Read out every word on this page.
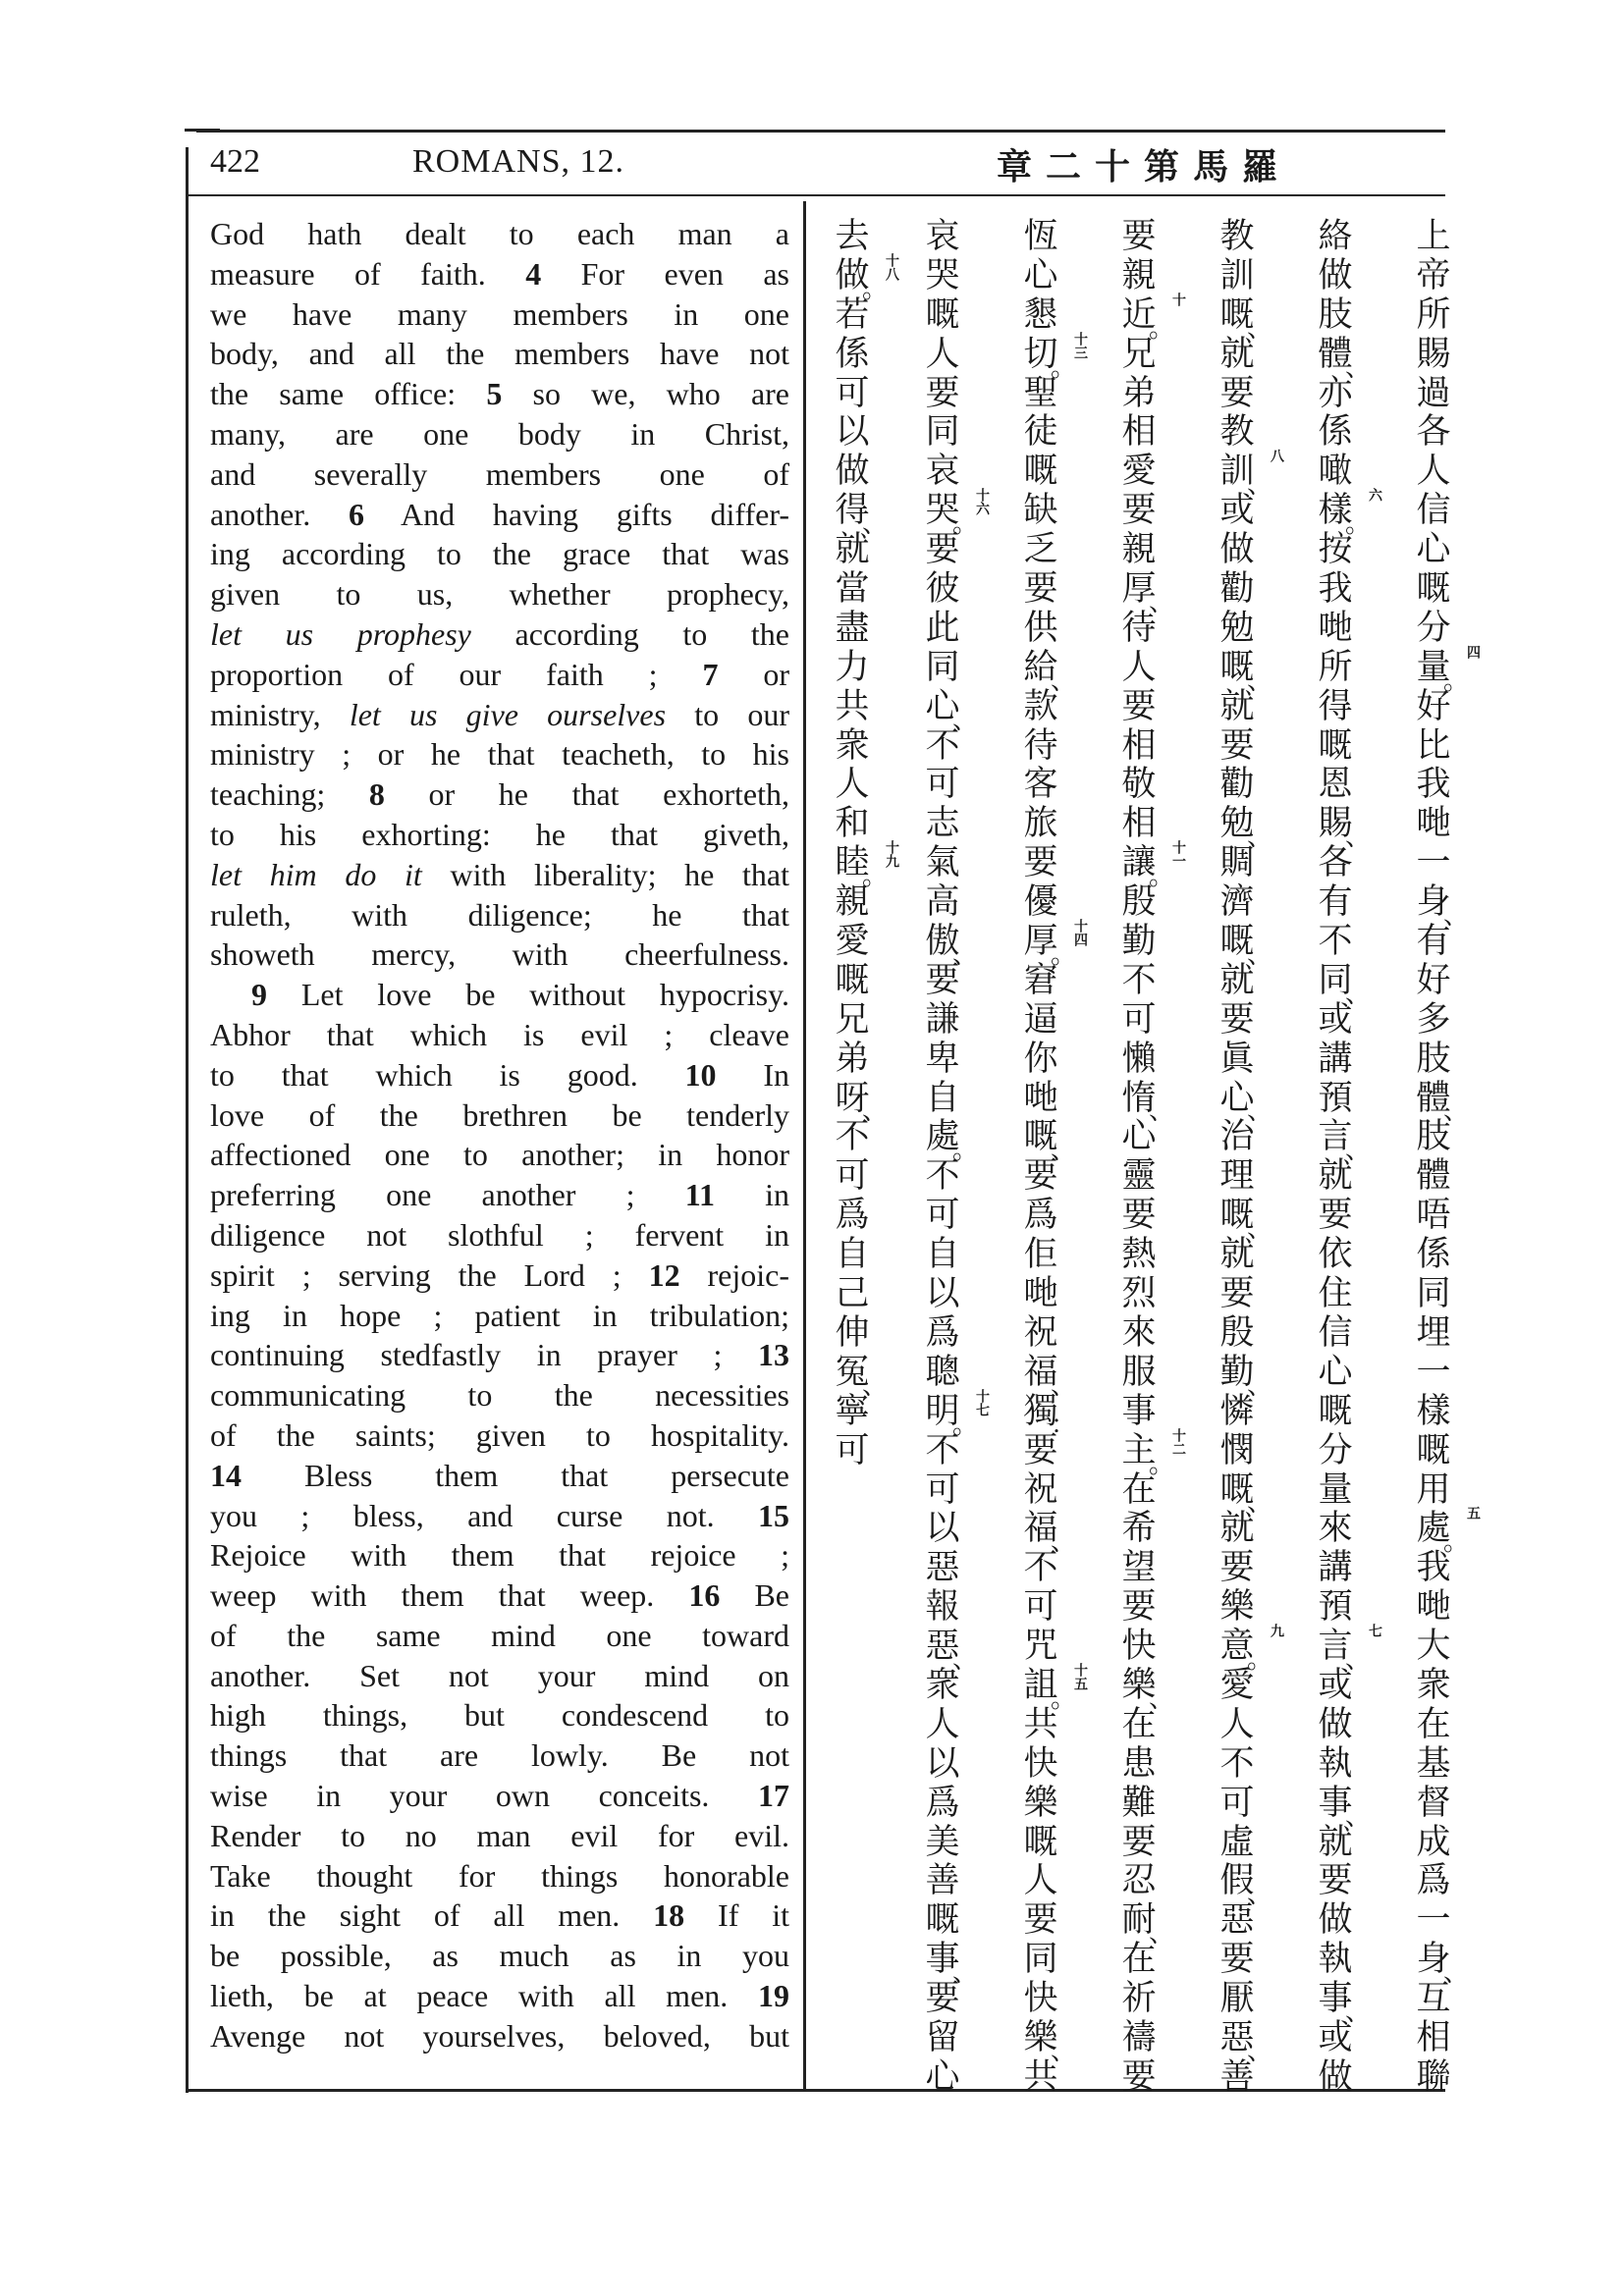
422	ROMANS, 12.	羅
馬
第
十
二
章
God hath dealt to each man a
measure of faith. 4 For even as
we have many members in one
body, and all the members have not
the same office: 5 so we, who are
many, are one body in Christ,
and severally members one of
another. 6 And having gifts differ-
ing according to the grace that was
given to us, whether prophecy,
let us prophesy according to the
proportion of our faith ; 7 or
ministry, let us give ourselves to our
ministry ; or he that teacheth, to his
teaching; 8 or he that exhorteth,
to his exhorting: he that giveth,
let him do it with liberality; he that
ruleth, with diligence; he that
showeth mercy, with cheerfulness.
9 Let love be without hypocrisy.
Abhor that which is evil ; cleave
to that which is good. 10 In
love of the brethren be tenderly
affectioned one to another; in honor
preferring one another ; 11 in
diligence not slothful ; fervent in
spirit ; serving the Lord ; 12 rejoic-
ing in hope ; patient in tribulation;
continuing stedfastly in prayer ; 13
communicating to the necessities
of the saints; given to hospitality.
14 Bless them that persecute
you ; bless, and curse not. 15
Rejoice with them that rejoice ;
weep with them that weep. 16 Be
of the same mind one toward
another. Set not your mind on
high things, but condescend to
things that are lowly. Be not
wise in your own conceits. 17
Render to no man evil for evil.
Take thought for things honorable
in the sight of all men. 18 If it
be possible, as much as in you
lieth, be at peace with all men. 19
Avenge not yourselves, beloved, but
上
帝
所
賜
過
各
人
信
心
嘅
分
量
。
四
好
比
我
哋
一
身
、
有
好
多
肢
體
、
肢
體
唔
係
同
埋
一
樣
嘅
用
處
。
五
我
哋
大
衆
在
基
督
成
爲
一
身
、
互
相
聯
絡
做
肢
體
、
亦
係
噉
樣
。
六
按
我
哋
所
得
嘅
恩
賜
、
各
有
不
同
、
或
講
預
言
、
就
要
依
住
信
心
嘅
分
量
來
講
預
言
、
七
或
做
執
事
、
就
要
做
執
事
、
或
做
教
訓
嘅
、
就
要
教
訓
、
八
或
做
勸
勉
嘅
、
就
要
勸
勉
、
賙
濟
嘅
、
就
要
眞
心
、
治
理
嘅
、
就
要
殷
勤
、
憐
憫
嘅
、
就
要
樂
意
。
九
愛
人
不
可
虛
假
、
惡
要
厭
惡
、
善
要
親
近
。
十
兄
弟
相
愛
要
親
厚
、
待
人
要
相
敬
相
讓
。
十一
殷
勤
不
可
懶
惰
、
心
靈
要
熱
烈
來
服
事
主
。
十二
在
希
望
要
快
樂
、
在
患
難
要
忍
耐
、
在
祈
禱
要
恆
心
懇
切
。
十三
聖
徒
嘅
缺
乏
要
供
給
、
款
待
客
旅
要
優
厚
。
十四
窘
逼
你
哋
嘅
、
要
爲
佢
哋
祝
福
、
獨
：
要
祝
福
、
不
可
咒
詛
。
十五
共
快
樂
嘅
人
要
同
快
樂
、
共
哀
哭
嘅
人
要
同
哀
哭
。
十六
要
彼
此
同
心
、
不
可
志
氣
高
傲
、
要
謙
卑
自
處
。
不
可
自
以
爲
聰
明
。
十七
不
可
以
惡
報
惡
、
衆
人
以
爲
美
善
嘅
事
、
要
留
心
去
做
。
十八
若
係
可
以
做
得
、
就
當
盡
力
共
衆
人
和
睦
。
十九
親
愛
嘅
兄
弟
呀
、
不
可
爲
自
己
伸
冤
、
寧
可
